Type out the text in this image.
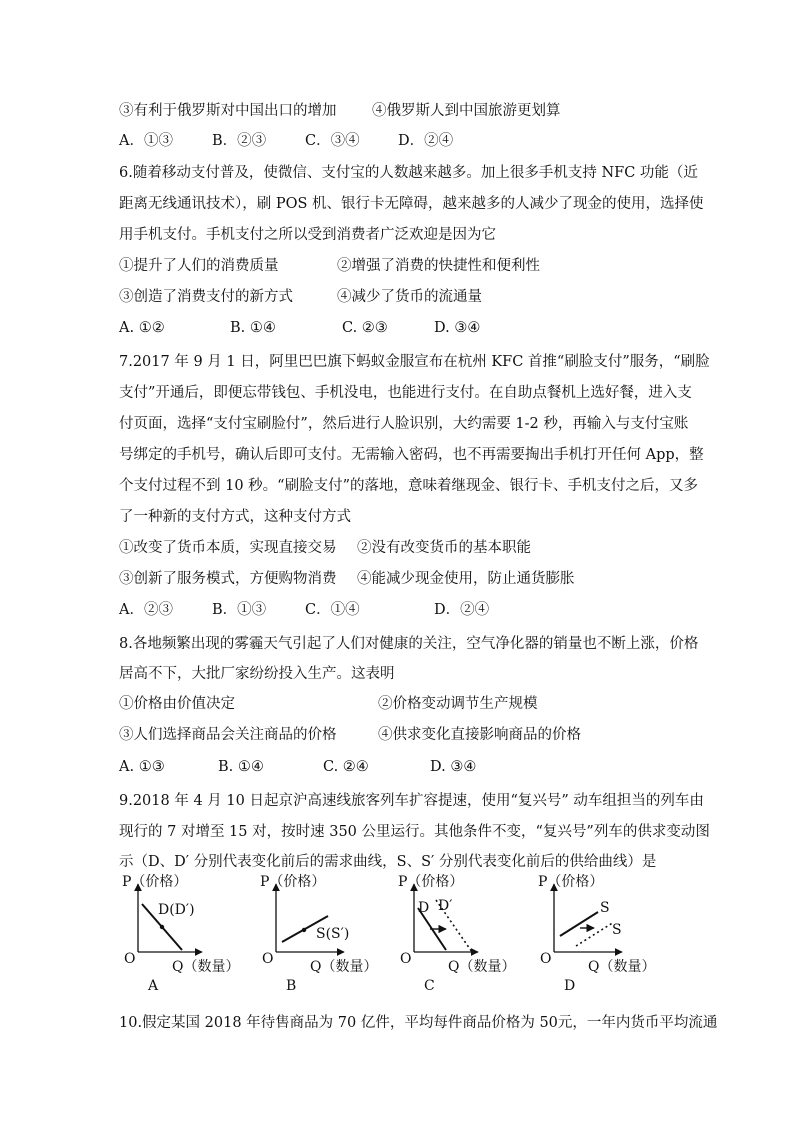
③有利于俄罗斯对中国出口的增加 ④俄罗斯人到中国旅游更划算
A．①③	B．②③	C．③④	D．②④
6.随着移动支付普及，使微信、支付宝的人数越来越多。加上很多手机支持 NFC 功能（近
距离无线通讯技术），刷 POS 机、银行卡无障碍，越来越多的人减少了现金的使用，选择使
用手机支付。手机支付之所以受到消费者广泛欢迎是因为它
①提升了人们的消费质量	②增强了消费的快捷性和便利性
③创造了消费支付的新方式	④减少了货币的流通量
A. ①②	B. ①④	C. ②③	D. ③④
7.2017 年 9 月 1 日，阿里巴巴旗下蚂蚁金服宣布在杭州 KFC 首推“刷脸支付”服务，“刷脸
支付”开通后，即便忘带钱包、手机没电，也能进行支付。在自助点餐机上选好餐，进入支
付页面，选择“支付宝刷脸付”，然后进行人脸识别，大约需要 1-2 秒，再输入与支付宝账
号绑定的手机号，确认后即可支付。无需输入密码，也不再需要掏出手机打开任何 App，整
个支付过程不到 10 秒。“刷脸支付”的落地，意味着继现金、银行卡、手机支付之后，又多
了一种新的支付方式，这种支付方式
①改变了货币本质，实现直接交易 ②没有改变货币的基本职能
③创新了服务模式，方便购物消费 ④能减少现金使用，防止通货膨胀
A．②③	B．①③	C．①④	D．②④
8.各地频繁出现的雾霾天气引起了人们对健康的关注，空气净化器的销量也不断上涨，价格
居高不下，大批厂家纷纷投入生产。这表明
①价格由价值决定	②价格变动调节生产规模
③人们选择商品会关注商品的价格	④供求变化直接影响商品的价格
A. ①③	B. ①④	C. ②④	D. ③④
9.2018 年 4 月 10 日起京沪高速线旅客列车扩容提速，使用“复兴号” 动车组担当的列车由
现行的 7 对增至 15 对，按时速 350 公里运行。其他条件不变，“复兴号”列车的供求变动图
示（D、D′ 分别代表变化前后的需求曲线，S、S′ 分别代表变化前后的供给曲线）是
P（价格）
D(D′)
O	Q（数量）
A
P（价格）
S(S′)
O	Q（数量）
B
P（价格）
D D′
O	Q（数量）
C
P（价格）
S
S
O	Q（数量）
D
10.假定某国 2018 年待售商品为 70 亿件，平均每件商品价格为 50元，一年内货币平均流通
